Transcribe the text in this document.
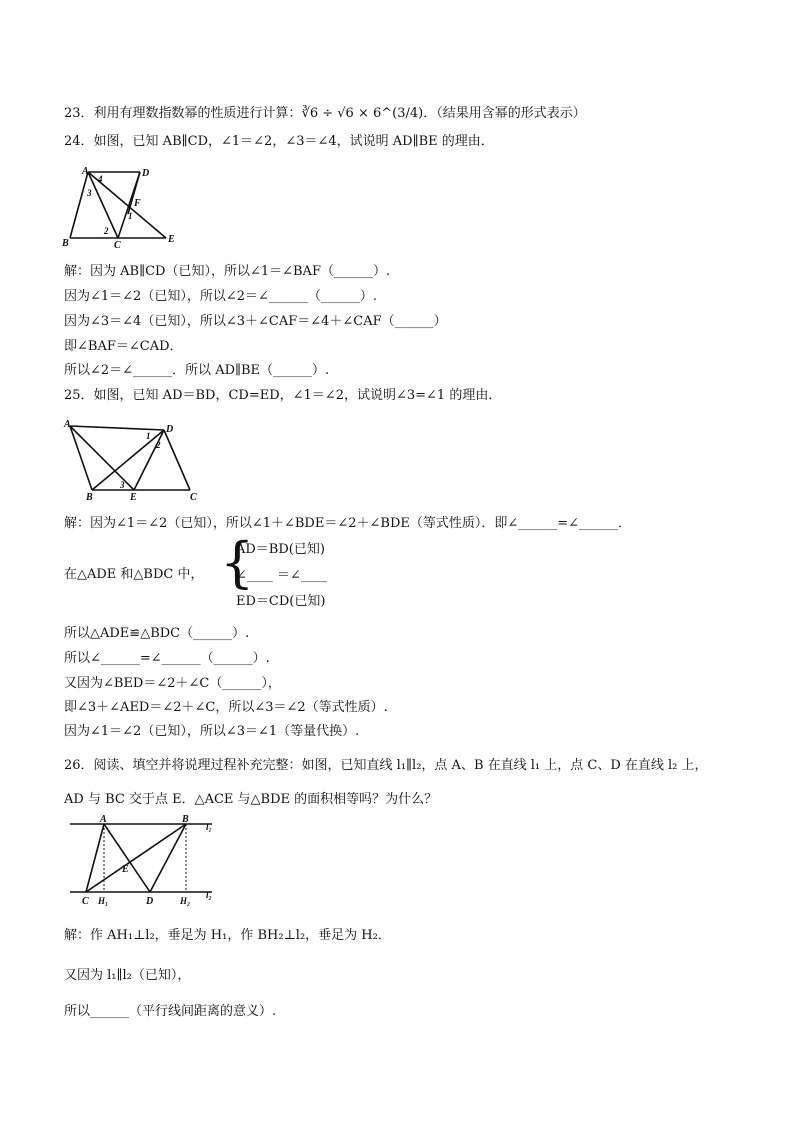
23．利用有理数指数幂的性质进行计算：∛6 ÷ √6 × 6^(3/4)．（结果用含幂的形式表示）
24．如图，已知 AB∥CD，∠1＝∠2，∠3＝∠4，试说明 AD∥BE 的理由．
A	D
4
3
F
1
2
B	C
E
解：因为 AB∥CD（已知），所以∠1＝∠BAF（______）.
因为∠1＝∠2（已知），所以∠2＝∠______（______）.
因为∠3＝∠4（已知），所以∠3＋∠CAF＝∠4＋∠CAF（______）
即∠BAF＝∠CAD．
所以∠2＝∠______．所以 AD∥BE（______）.
25．如图，已知 AD＝BD，CD=ED，∠1＝∠2，试说明∠3=∠1 的理由．
A	D
1
2
3
B	E	C
解：因为∠1＝∠2（已知），所以∠1＋∠BDE＝∠2＋∠BDE（等式性质）．即∠______=∠______．
在△ADE 和△BDC 中， {
AD＝BD(已知)
∠____ ＝∠____
ED＝CD(已知)
所以△ADE≌△BDC（______）.
所以∠______=∠______（______）.
又因为∠BED＝∠2＋∠C（______），
即∠3＋∠AED＝∠2＋∠C，所以∠3＝∠2（等式性质）.
因为∠1＝∠2（已知），所以∠3＝∠1（等量代换）.
26．阅读、填空并将说理过程补充完整：如图，已知直线 l₁∥l₂，点 A、B 在直线 l₁ 上，点 C、D 在直线 l₂ 上，
AD 与 BC 交于点 E．△ACE 与△BDE 的面积相等吗？为什么？
A	B
l₁
E
C H₁	D	H₂
l₂
解：作 AH₁⊥l₂，垂足为 H₁，作 BH₂⊥l₂，垂足为 H₂．
又因为 l₁∥l₂（已知），
所以______（平行线间距离的意义）.
